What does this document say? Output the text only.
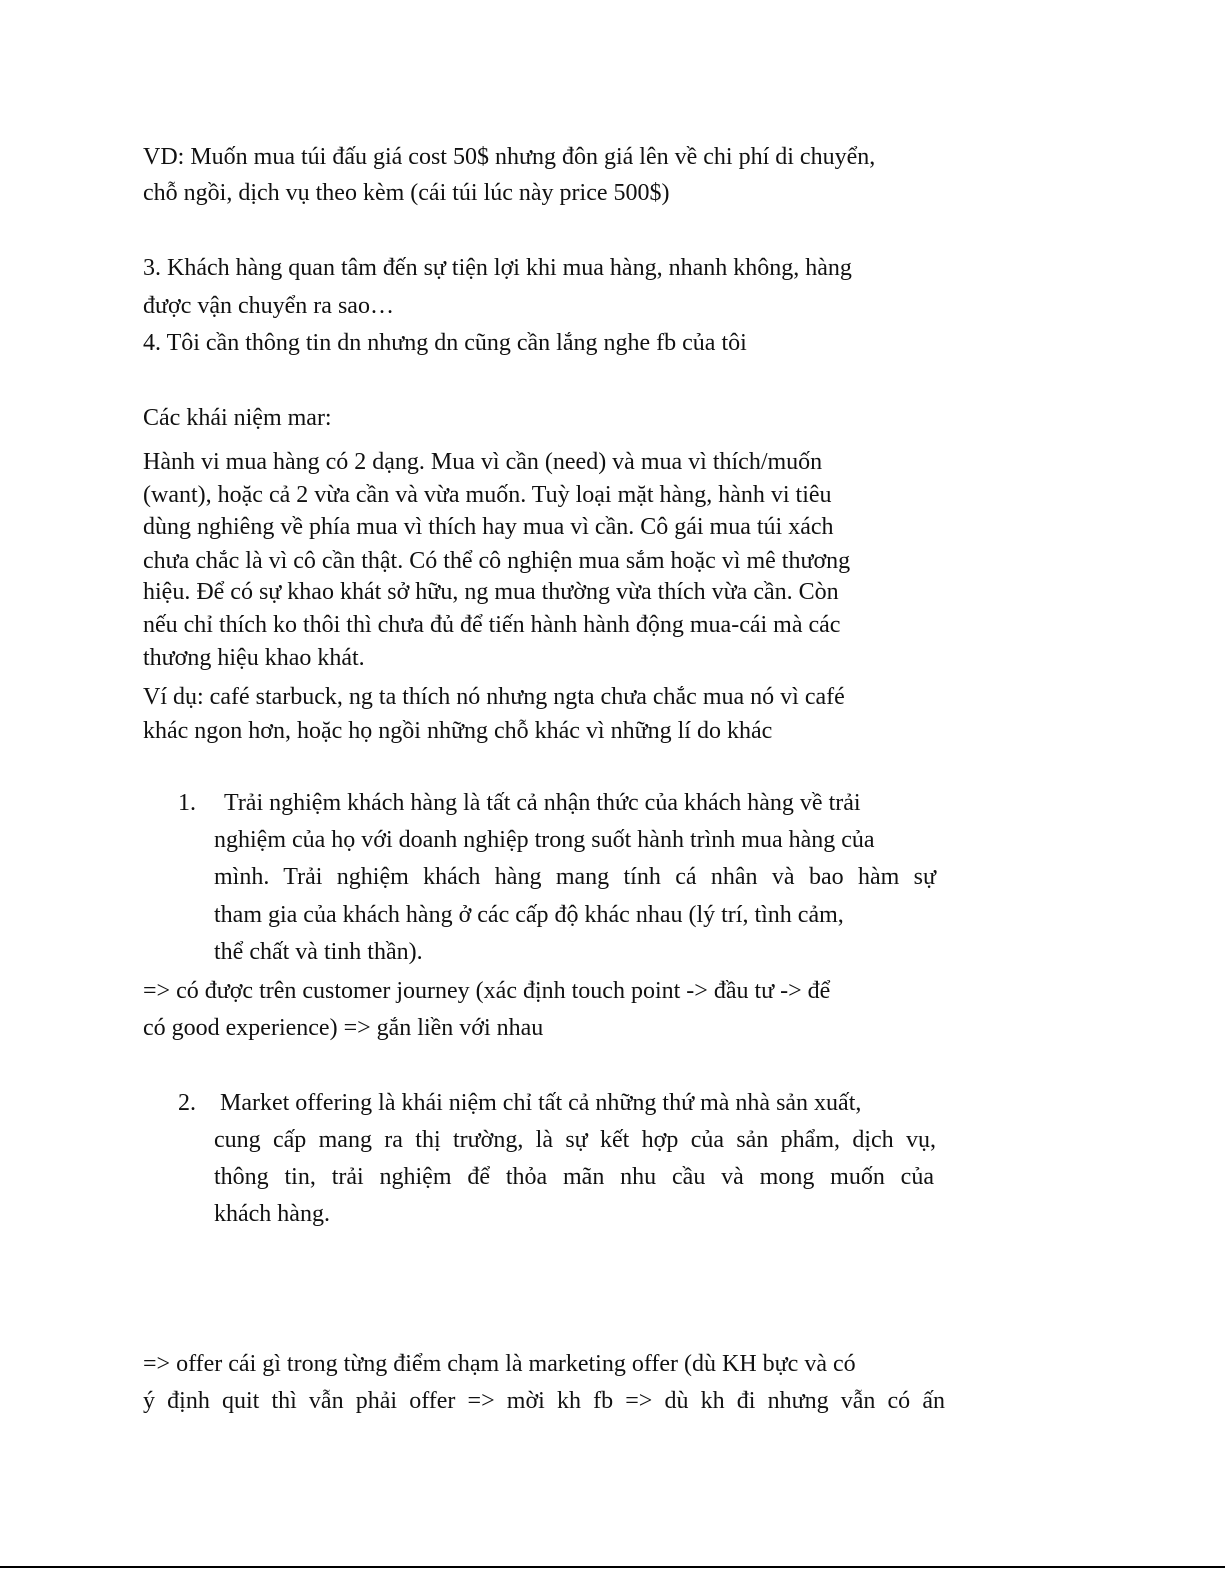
VD: Muốn mua túi đấu giá cost 50$ nhưng đôn giá lên về chi phí di chuyển,
chỗ ngồi, dịch vụ theo kèm (cái túi lúc này price 500$)
3. Khách hàng quan tâm đến sự tiện lợi khi mua hàng, nhanh không, hàng
được vận chuyển ra sao…
4. Tôi cần thông tin dn nhưng dn cũng cần lắng nghe fb của tôi
Các khái niệm mar:
Hành vi mua hàng có 2 dạng. Mua vì cần (need) và mua vì thích/muốn
(want), hoặc cả 2 vừa cần và vừa muốn. Tuỳ loại mặt hàng, hành vi tiêu
dùng nghiêng về phía mua vì thích hay mua vì cần. Cô gái mua túi xách
chưa chắc là vì cô cần thật. Có thể cô nghiện mua sắm hoặc vì mê thương
hiệu. Để có sự khao khát sở hữu, ng mua thường vừa thích vừa cần. Còn
nếu chỉ thích ko thôi thì chưa đủ để tiến hành hành động mua-cái mà các
thương hiệu khao khát.
Ví dụ: café starbuck, ng ta thích nó nhưng ngta chưa chắc mua nó vì café
khác ngon hơn, hoặc họ ngồi những chỗ khác vì những lí do khác
1. Trải nghiệm khách hàng là tất cả nhận thức của khách hàng về trải
nghiệm của họ với doanh nghiệp trong suốt hành trình mua hàng của
mình. Trải nghiệm khách hàng mang tính cá nhân và bao hàm sự
tham gia của khách hàng ở các cấp độ khác nhau (lý trí, tình cảm,
thể chất và tinh thần).
=> có được trên customer journey (xác định touch point -> đầu tư -> để
có good experience) => gắn liền với nhau
2. Market offering là khái niệm chỉ tất cả những thứ mà nhà sản xuất,
cung cấp mang ra thị trường, là sự kết hợp của sản phẩm, dịch vụ,
thông tin, trải nghiệm để thỏa mãn nhu cầu và mong muốn của
khách hàng.
=> offer cái gì trong từng điểm chạm là marketing offer (dù KH bực và có
ý định quit thì vẫn phải offer => mời kh fb => dù kh đi nhưng vẫn có ấn
